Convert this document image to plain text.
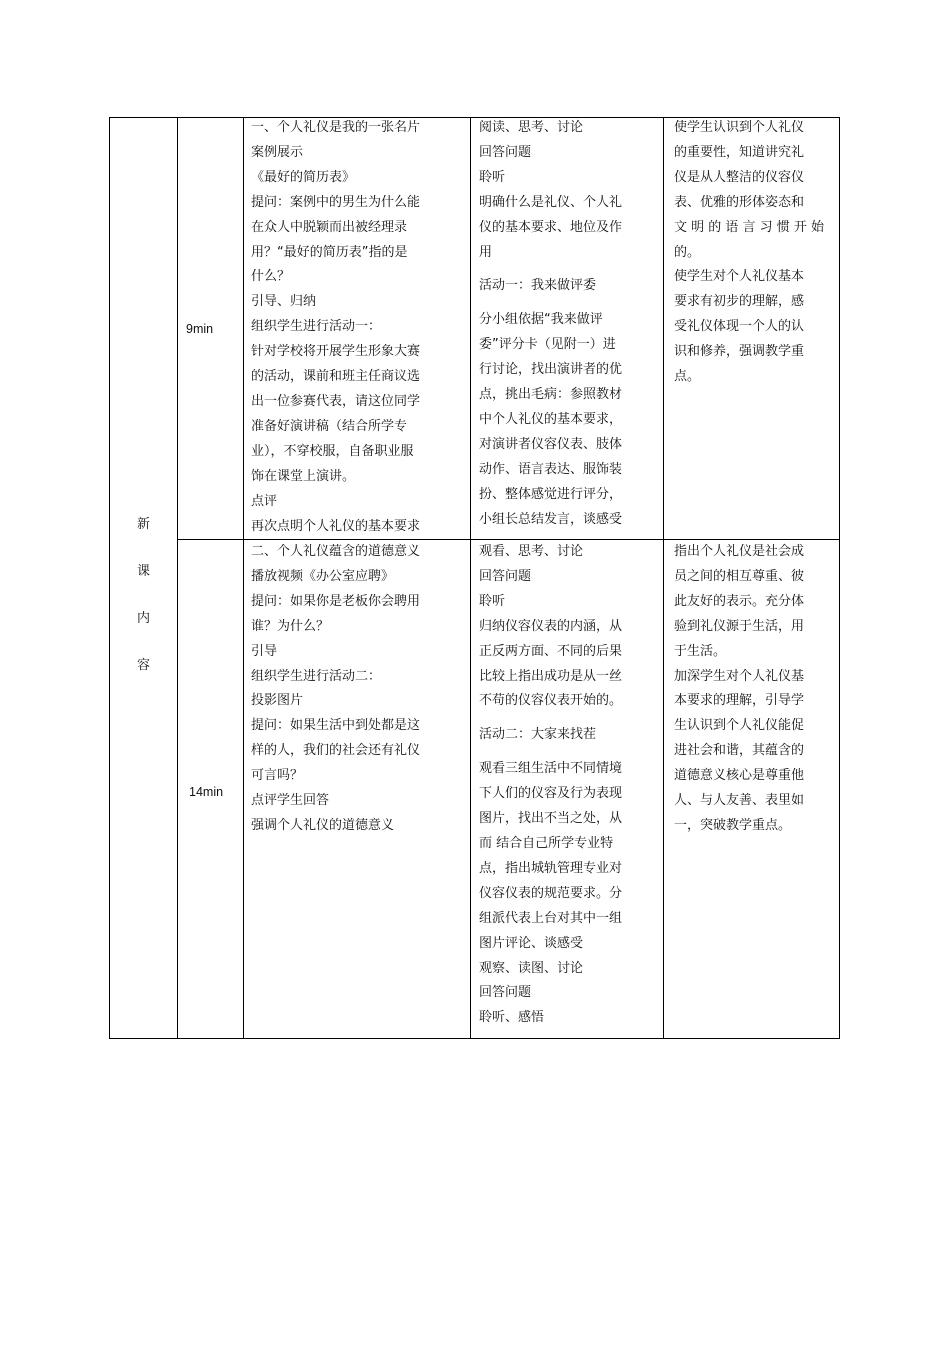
新
课
内
容
9min

一、个人礼仪是我的一张名片

案例展示

《最好的简历表》

提问：案例中的男生为什么能

在众人中脱颖而出被经理录

用？“最好的简历表”指的是

什么？

引导、归纳

组织学生进行活动一：

针对学校将开展学生形象大赛

的活动，课前和班主任商议选

出一位参赛代表，请这位同学

准备好演讲稿（结合所学专

业），不穿校服，自备职业服

饰在课堂上演讲。

点评

再次点明个人礼仪的基本要求

阅读、思考、讨论

回答问题

聆听

明确什么是礼仪、个人礼

仪的基本要求、地位及作

用

活动一：我来做评委

分小组依据“我来做评

委”评分卡（见附一）进

行讨论，找出演讲者的优

点，挑出毛病：参照教材

中个人礼仪的基本要求，

对演讲者仪容仪表、肢体

动作、语言表达、服饰装

扮、整体感觉进行评分，

小组长总结发言，谈感受

使学生认识到个人礼仪

的重要性，知道讲究礼

仪是从人整洁的仪容仪

表、优雅的形体姿态和

文 明 的 语 言 习 惯 开 始

的。

使学生对个人礼仪基本

要求有初步的理解，感

受礼仪体现一个人的认

识和修养，强调教学重

点。

14min

二、个人礼仪蕴含的道德意义

播放视频《办公室应聘》

提问：如果你是老板你会聘用

谁？为什么？

引导

组织学生进行活动二：

投影图片

提问：如果生活中到处都是这

样的人，我们的社会还有礼仪

可言吗？

点评学生回答

强调个人礼仪的道德意义

观看、思考、讨论

回答问题

聆听

归纳仪容仪表的内涵，从

正反两方面、不同的后果

比较上指出成功是从一丝

不苟的仪容仪表开始的。

活动二：大家来找茬

观看三组生活中不同情境

下人们的仪容及行为表现

图片，找出不当之处，从

而 结合自己所学专业特

点，指出城轨管理专业对

仪容仪表的规范要求。分

组派代表上台对其中一组

图片评论、谈感受

观察、读图、讨论

回答问题

聆听、感悟

指出个人礼仪是社会成

员之间的相互尊重、彼

此友好的表示。充分体

验到礼仪源于生活，用

于生活。

加深学生对个人礼仪基

本要求的理解，引导学

生认识到个人礼仪能促

进社会和谐，其蕴含的

道德意义核心是尊重他

人、与人友善、表里如

一，突破教学重点。
